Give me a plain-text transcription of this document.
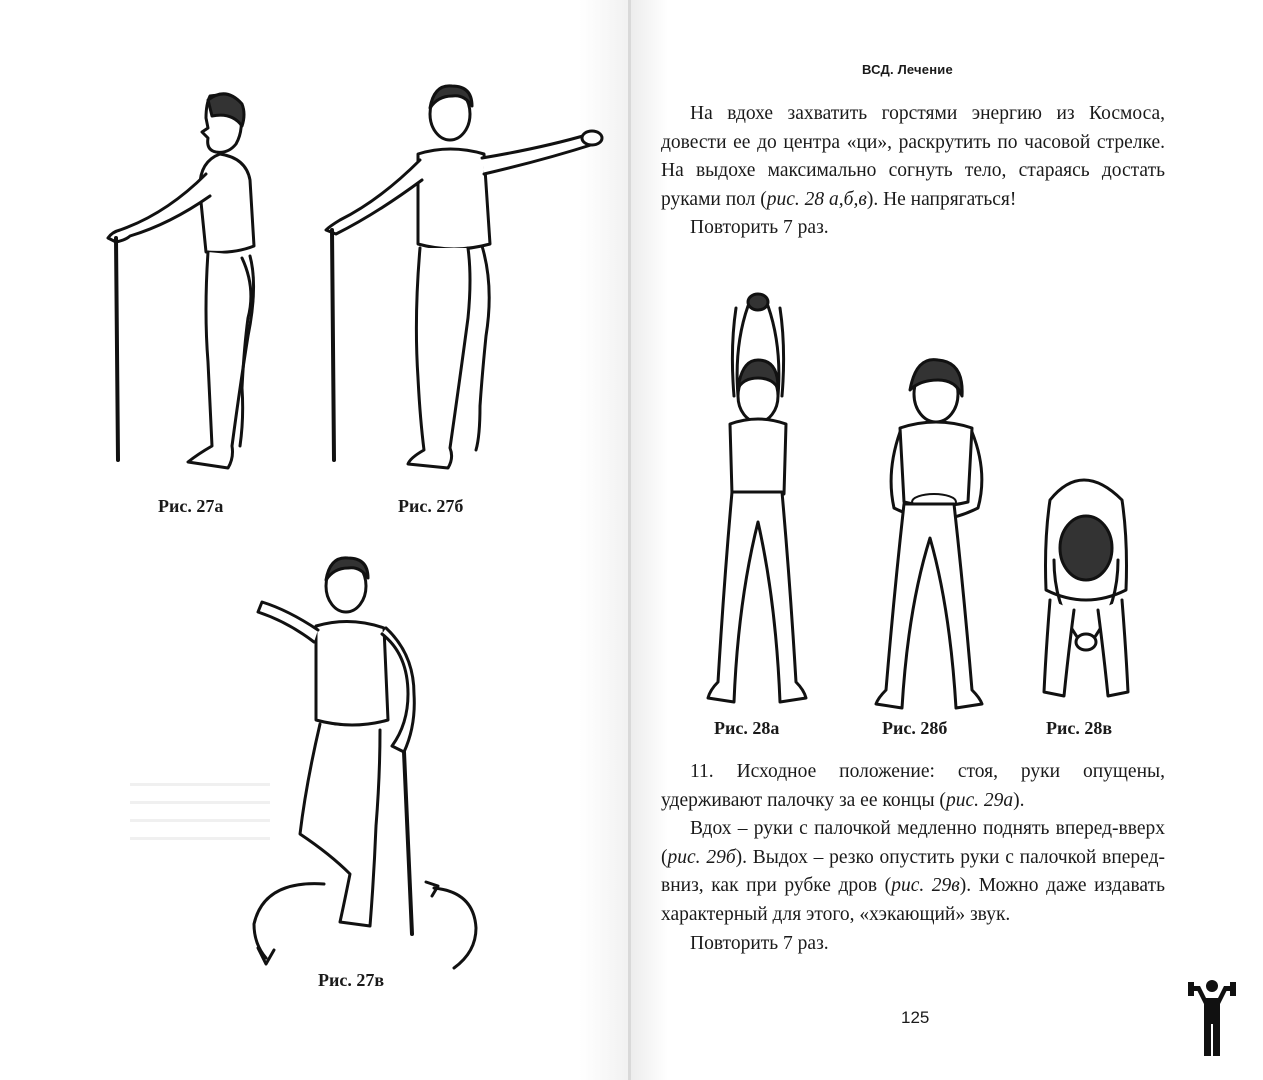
Рис. 27а	Рис. 27б
Рис. 27в
ВСД. Лечение

На вдохе захватить горстями энергию из Космоса, довести ее до центра «ци», раскрутить по часовой стрелке. На выдохе максимально согнуть тело, стараясь достать руками пол (рис. 28 а,б,в). Не напрягаться!

Повторить 7 раз.

Рис. 28а	Рис. 28б	Рис. 28в

11. Исходное положение: стоя, руки опущены, удерживают палочку за ее концы (рис. 29а).

Вдох – руки с палочкой медленно поднять вперед-вверх (рис. 29б). Выдох – резко опустить руки с палочкой вперед-вниз, как при рубке дров (рис. 29в). Можно даже издавать характерный для этого, «хэкающий» звук.

Повторить 7 раз.

125
